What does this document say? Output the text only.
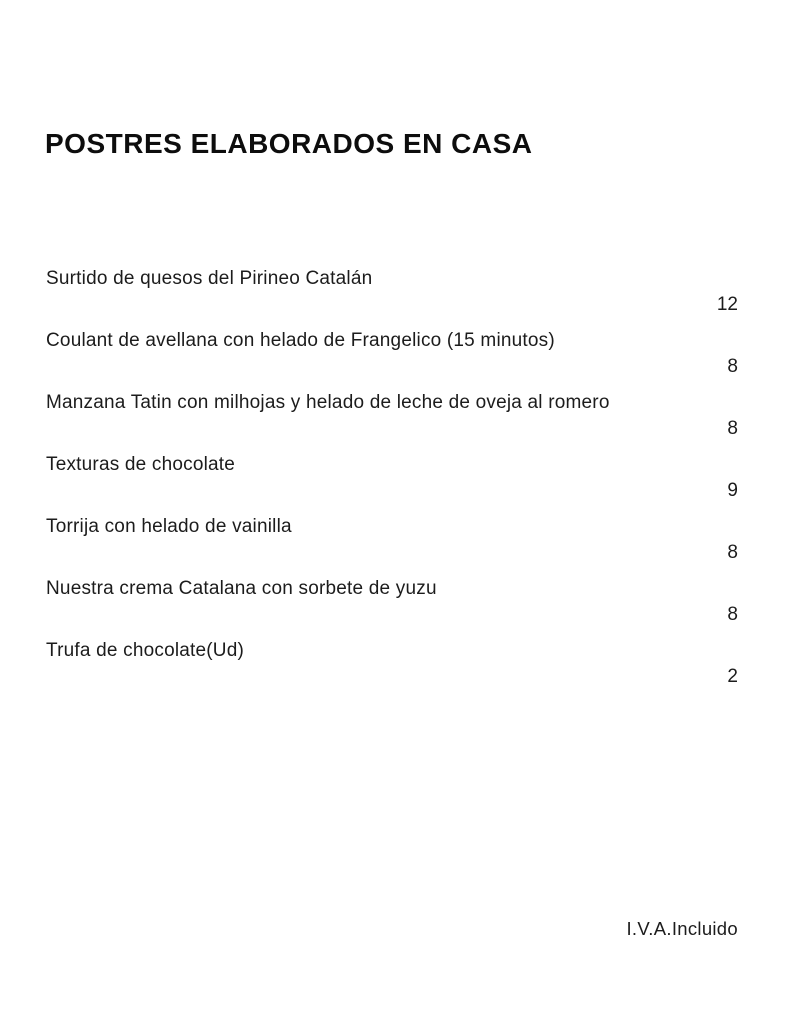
POSTRES ELABORADOS EN CASA
Surtido de quesos del Pirineo Catalán
12
Coulant de avellana con helado de Frangelico (15 minutos)
8
Manzana Tatin con milhojas y helado de leche de oveja al romero
8
Texturas de chocolate
9
Torrija con helado de vainilla
8
Nuestra crema Catalana con sorbete de yuzu
8
Trufa de chocolate(Ud)
2
I.V.A.Incluido
